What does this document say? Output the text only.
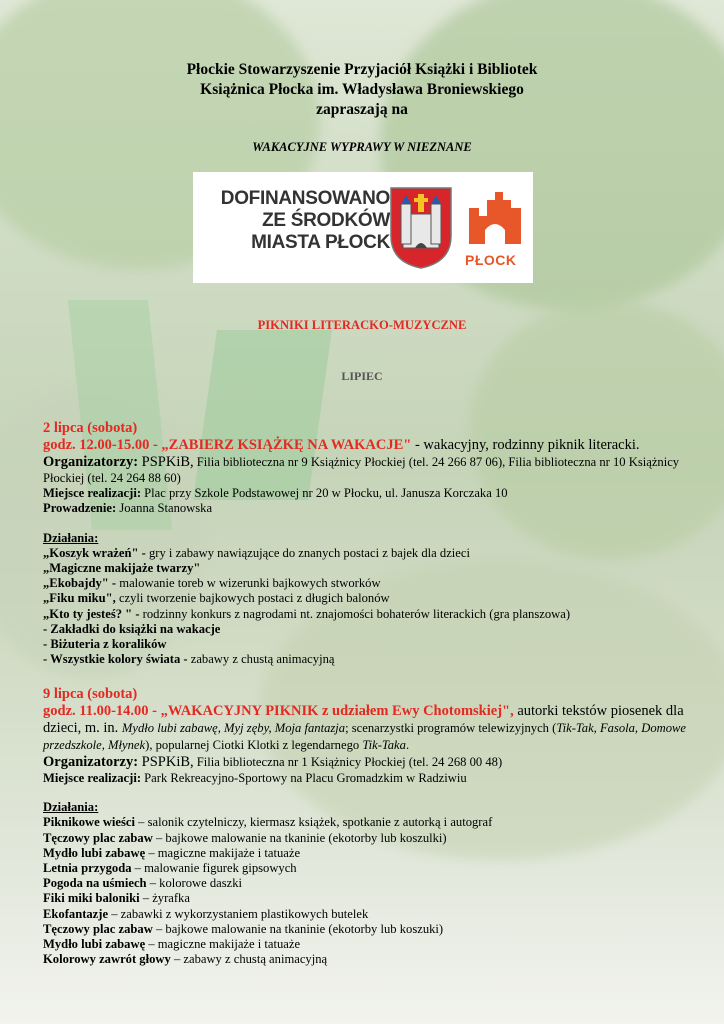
Płockie Stowarzyszenie Przyjaciół Książki i Bibliotek
Książnica Płocka im. Władysława Broniewskiego
zapraszają na
WAKACYJNE WYPRAWY W NIEZNANE
DOFINANSOWANO
ZE ŚRODKÓW
MIASTA PŁOCK
PŁOCK
PIKNIKI LITERACKO-MUZYCZNE
LIPIEC

2 lipca (sobota)

godz. 12.00-15.00 - „ZABIERZ KSIĄŻKĘ NA WAKACJE" - wakacyjny, rodzinny piknik literacki.

Organizatorzy: PSPKiB, Filia biblioteczna nr 9 Książnicy Płockiej (tel. 24 266 87 06), Filia biblioteczna nr 10 Książnicy Płockiej (tel. 24 264 88 60)

Miejsce realizacji: Plac przy Szkole Podstawowej nr 20 w Płocku, ul. Janusza Korczaka 10

Prowadzenie: Joanna Stanowska

Działania:

„Koszyk wrażeń" - gry i zabawy nawiązujące do znanych postaci z bajek dla dzieci

„Magiczne makijaże twarzy"

„Ekobajdy" - malowanie toreb w wizerunki bajkowych stworków

„Fiku miku", czyli tworzenie bajkowych postaci z długich balonów

„Kto ty jesteś? " - rodzinny konkurs z nagrodami nt. znajomości bohaterów literackich (gra planszowa)

- Zakładki do książki na wakacje

- Biżuteria z koralików

- Wszystkie kolory świata - zabawy z chustą animacyjną

9 lipca (sobota)

godz. 11.00-14.00 - „WAKACYJNY PIKNIK z udziałem Ewy Chotomskiej", autorki tekstów piosenek dla dzieci, m. in. Mydło lubi zabawę, Myj zęby, Moja fantazja; scenarzystki programów telewizyjnych (Tik-Tak, Fasola, Domowe przedszkole, Młynek), popularnej Ciotki Klotki z legendarnego Tik-Taka.

Organizatorzy: PSPKiB, Filia biblioteczna nr 1 Książnicy Płockiej (tel. 24 268 00 48)

Miejsce realizacji: Park Rekreacyjno-Sportowy na Placu Gromadzkim w Radziwiu

Działania:

Piknikowe wieści – salonik czytelniczy, kiermasz książek, spotkanie z autorką i autograf

Tęczowy plac zabaw – bajkowe malowanie na tkaninie (ekotorby lub koszulki)

Mydło lubi zabawę – magiczne makijaże i tatuaże

Letnia przygoda – malowanie figurek gipsowych

Pogoda na uśmiech – kolorowe daszki

Fiki miki baloniki – żyrafka

Ekofantazje – zabawki z wykorzystaniem plastikowych butelek

Tęczowy plac zabaw – bajkowe malowanie na tkaninie (ekotorby lub koszuki)

Mydło lubi zabawę – magiczne makijaże i tatuaże

Kolorowy zawrót głowy – zabawy z chustą animacyjną
